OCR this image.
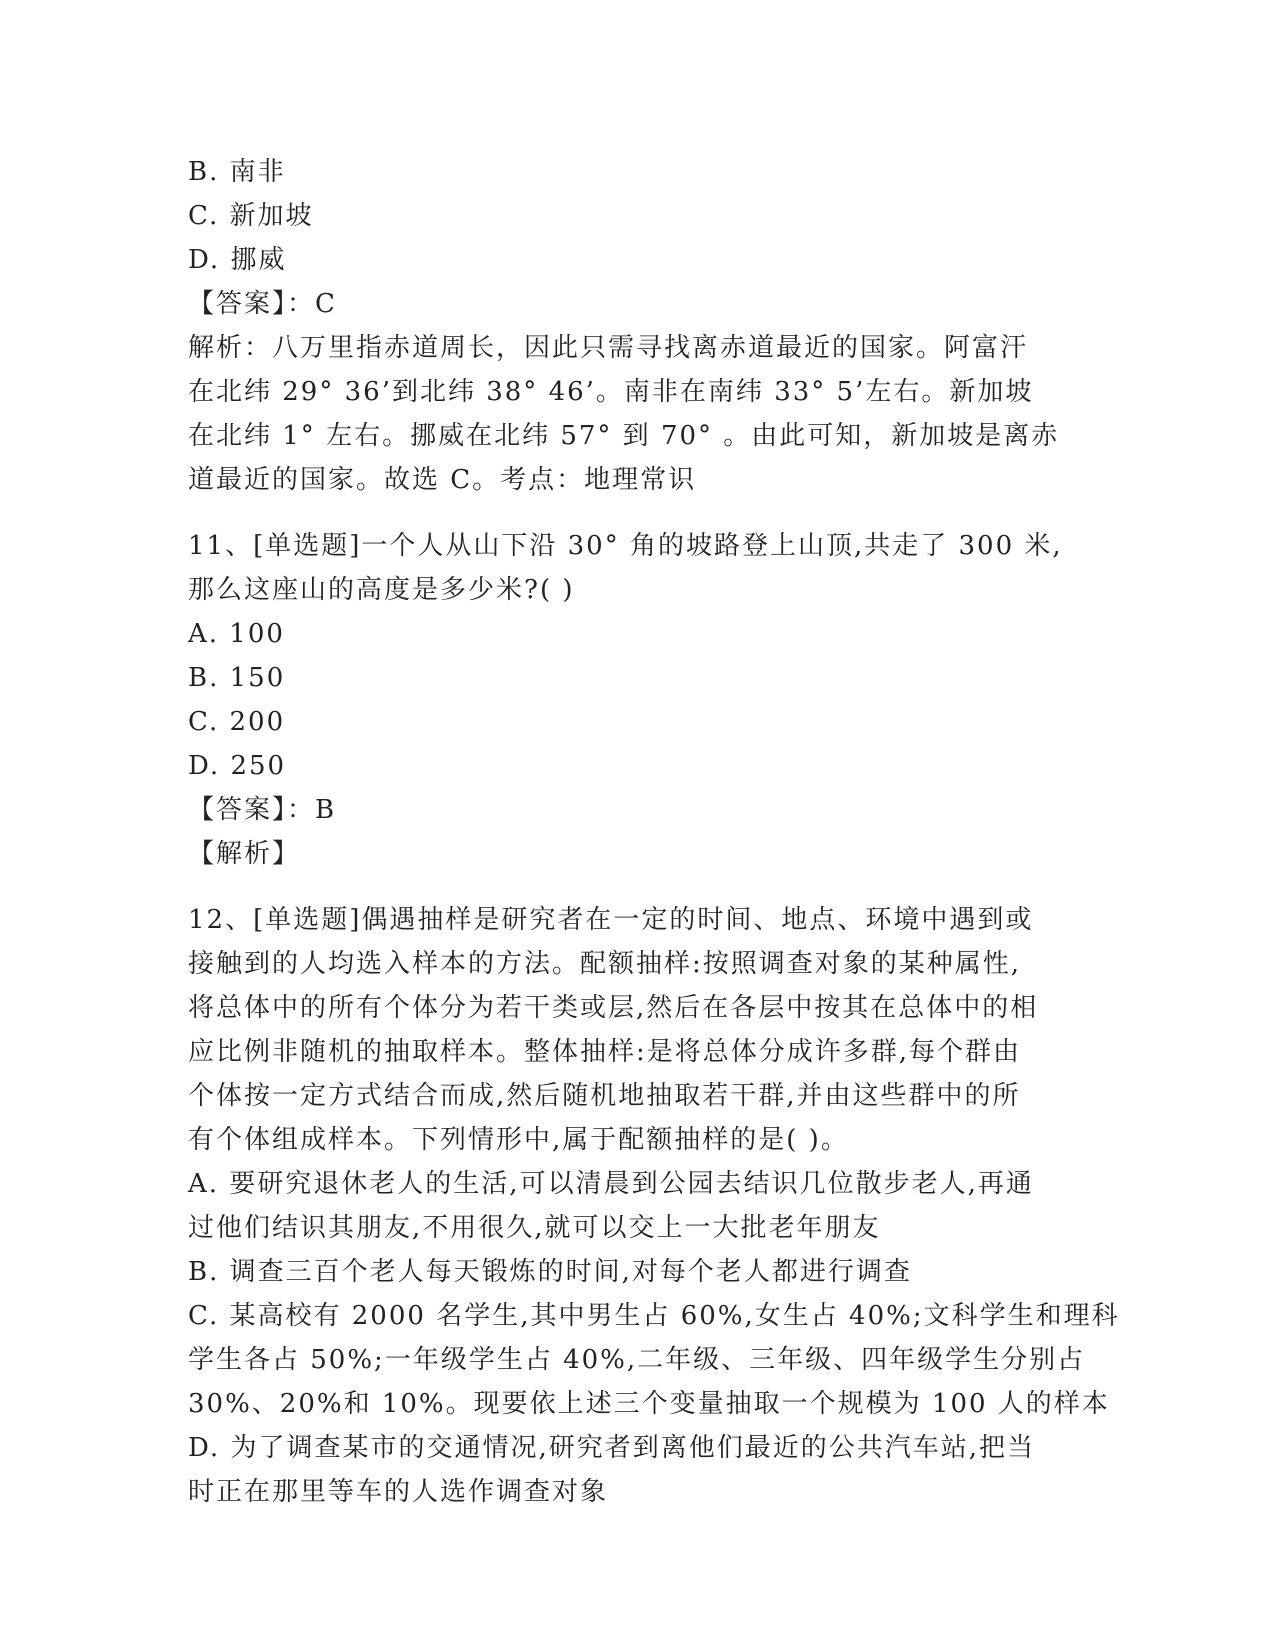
B. 南非
C. 新加坡
D. 挪威
【答案】：C
解析：八万里指赤道周长，因此只需寻找离赤道最近的国家。阿富汗
在北纬 29° 36’到北纬 38° 46’。南非在南纬 33° 5’左右。新加坡
在北纬 1° 左右。挪威在北纬 57° 到 70° 。由此可知，新加坡是离赤
道最近的国家。故选 C。考点：地理常识
11、[单选题]一个人从山下沿 30° 角的坡路登上山顶,共走了 300 米,
那么这座山的高度是多少米?( )
A. 100
B. 150
C. 200
D. 250
【答案】：B
【解析】
12、[单选题]偶遇抽样是研究者在一定的时间、地点、环境中遇到或
接触到的人均选入样本的方法。配额抽样:按照调查对象的某种属性,
将总体中的所有个体分为若干类或层,然后在各层中按其在总体中的相
应比例非随机的抽取样本。整体抽样:是将总体分成许多群,每个群由
个体按一定方式结合而成,然后随机地抽取若干群,并由这些群中的所
有个体组成样本。下列情形中,属于配额抽样的是( )。
A. 要研究退休老人的生活,可以清晨到公园去结识几位散步老人,再通
过他们结识其朋友,不用很久,就可以交上一大批老年朋友
B. 调查三百个老人每天锻炼的时间,对每个老人都进行调查
C. 某高校有 2000 名学生,其中男生占 60%,女生占 40%;文科学生和理科
学生各占 50%;一年级学生占 40%,二年级、三年级、四年级学生分别占
30%、20%和 10%。现要依上述三个变量抽取一个规模为 100 人的样本
D. 为了调查某市的交通情况,研究者到离他们最近的公共汽车站,把当
时正在那里等车的人选作调查对象
